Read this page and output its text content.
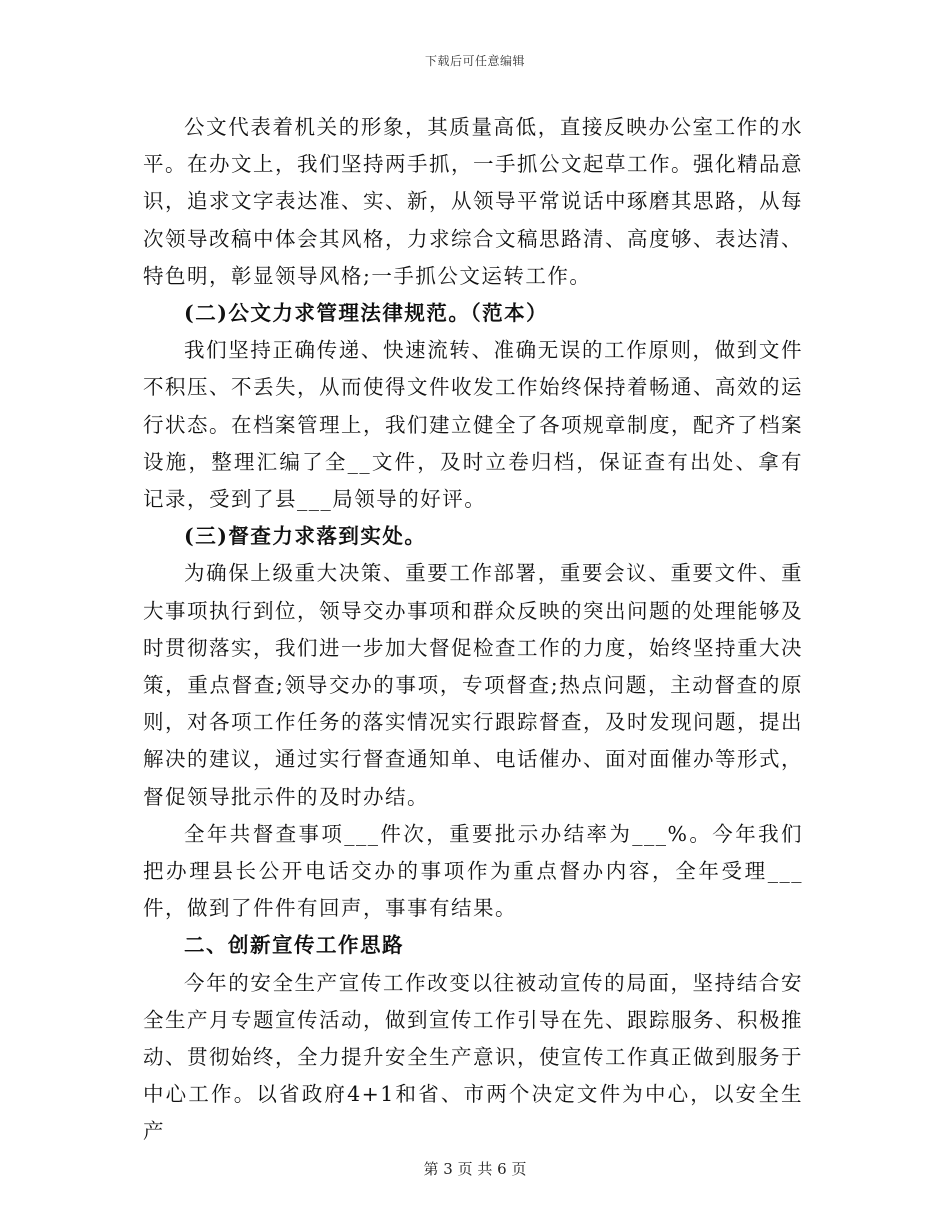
下载后可任意编辑

公文代表着机关的形象，其质量高低，直接反映办公室工作的水平。在办文上，我们坚持两手抓，一手抓公文起草工作。强化精品意识，追求文字表达准、实、新，从领导平常说话中琢磨其思路，从每次领导改稿中体会其风格，力求综合文稿思路清、高度够、表达清、特色明，彰显领导风格;一手抓公文运转工作。

(二)公文力求管理法律规范。（范本）

我们坚持正确传递、快速流转、准确无误的工作原则，做到文件不积压、不丢失，从而使得文件收发工作始终保持着畅通、高效的运行状态。在档案管理上，我们建立健全了各项规章制度，配齐了档案设施，整理汇编了全__文件，及时立卷归档，保证查有出处、拿有记录，受到了县___局领导的好评。

(三)督查力求落到实处。

为确保上级重大决策、重要工作部署，重要会议、重要文件、重大事项执行到位，领导交办事项和群众反映的突出问题的处理能够及时贯彻落实，我们进一步加大督促检查工作的力度，始终坚持重大决策，重点督查;领导交办的事项，专项督查;热点问题，主动督查的原则，对各项工作任务的落实情况实行跟踪督查，及时发现问题，提出解决的建议，通过实行督查通知单、电话催办、面对面催办等形式，督促领导批示件的及时办结。

全年共督查事项___件次，重要批示办结率为___%。今年我们把办理县长公开电话交办的事项作为重点督办内容，全年受理___件，做到了件件有回声，事事有结果。

二、创新宣传工作思路

今年的安全生产宣传工作改变以往被动宣传的局面，坚持结合安全生产月专题宣传活动，做到宣传工作引导在先、跟踪服务、积极推动、贯彻始终，全力提升安全生产意识，使宣传工作真正做到服务于中心工作。以省政府4+1和省、市两个决定文件为中心，以安全生产

第 3 页 共 6 页
